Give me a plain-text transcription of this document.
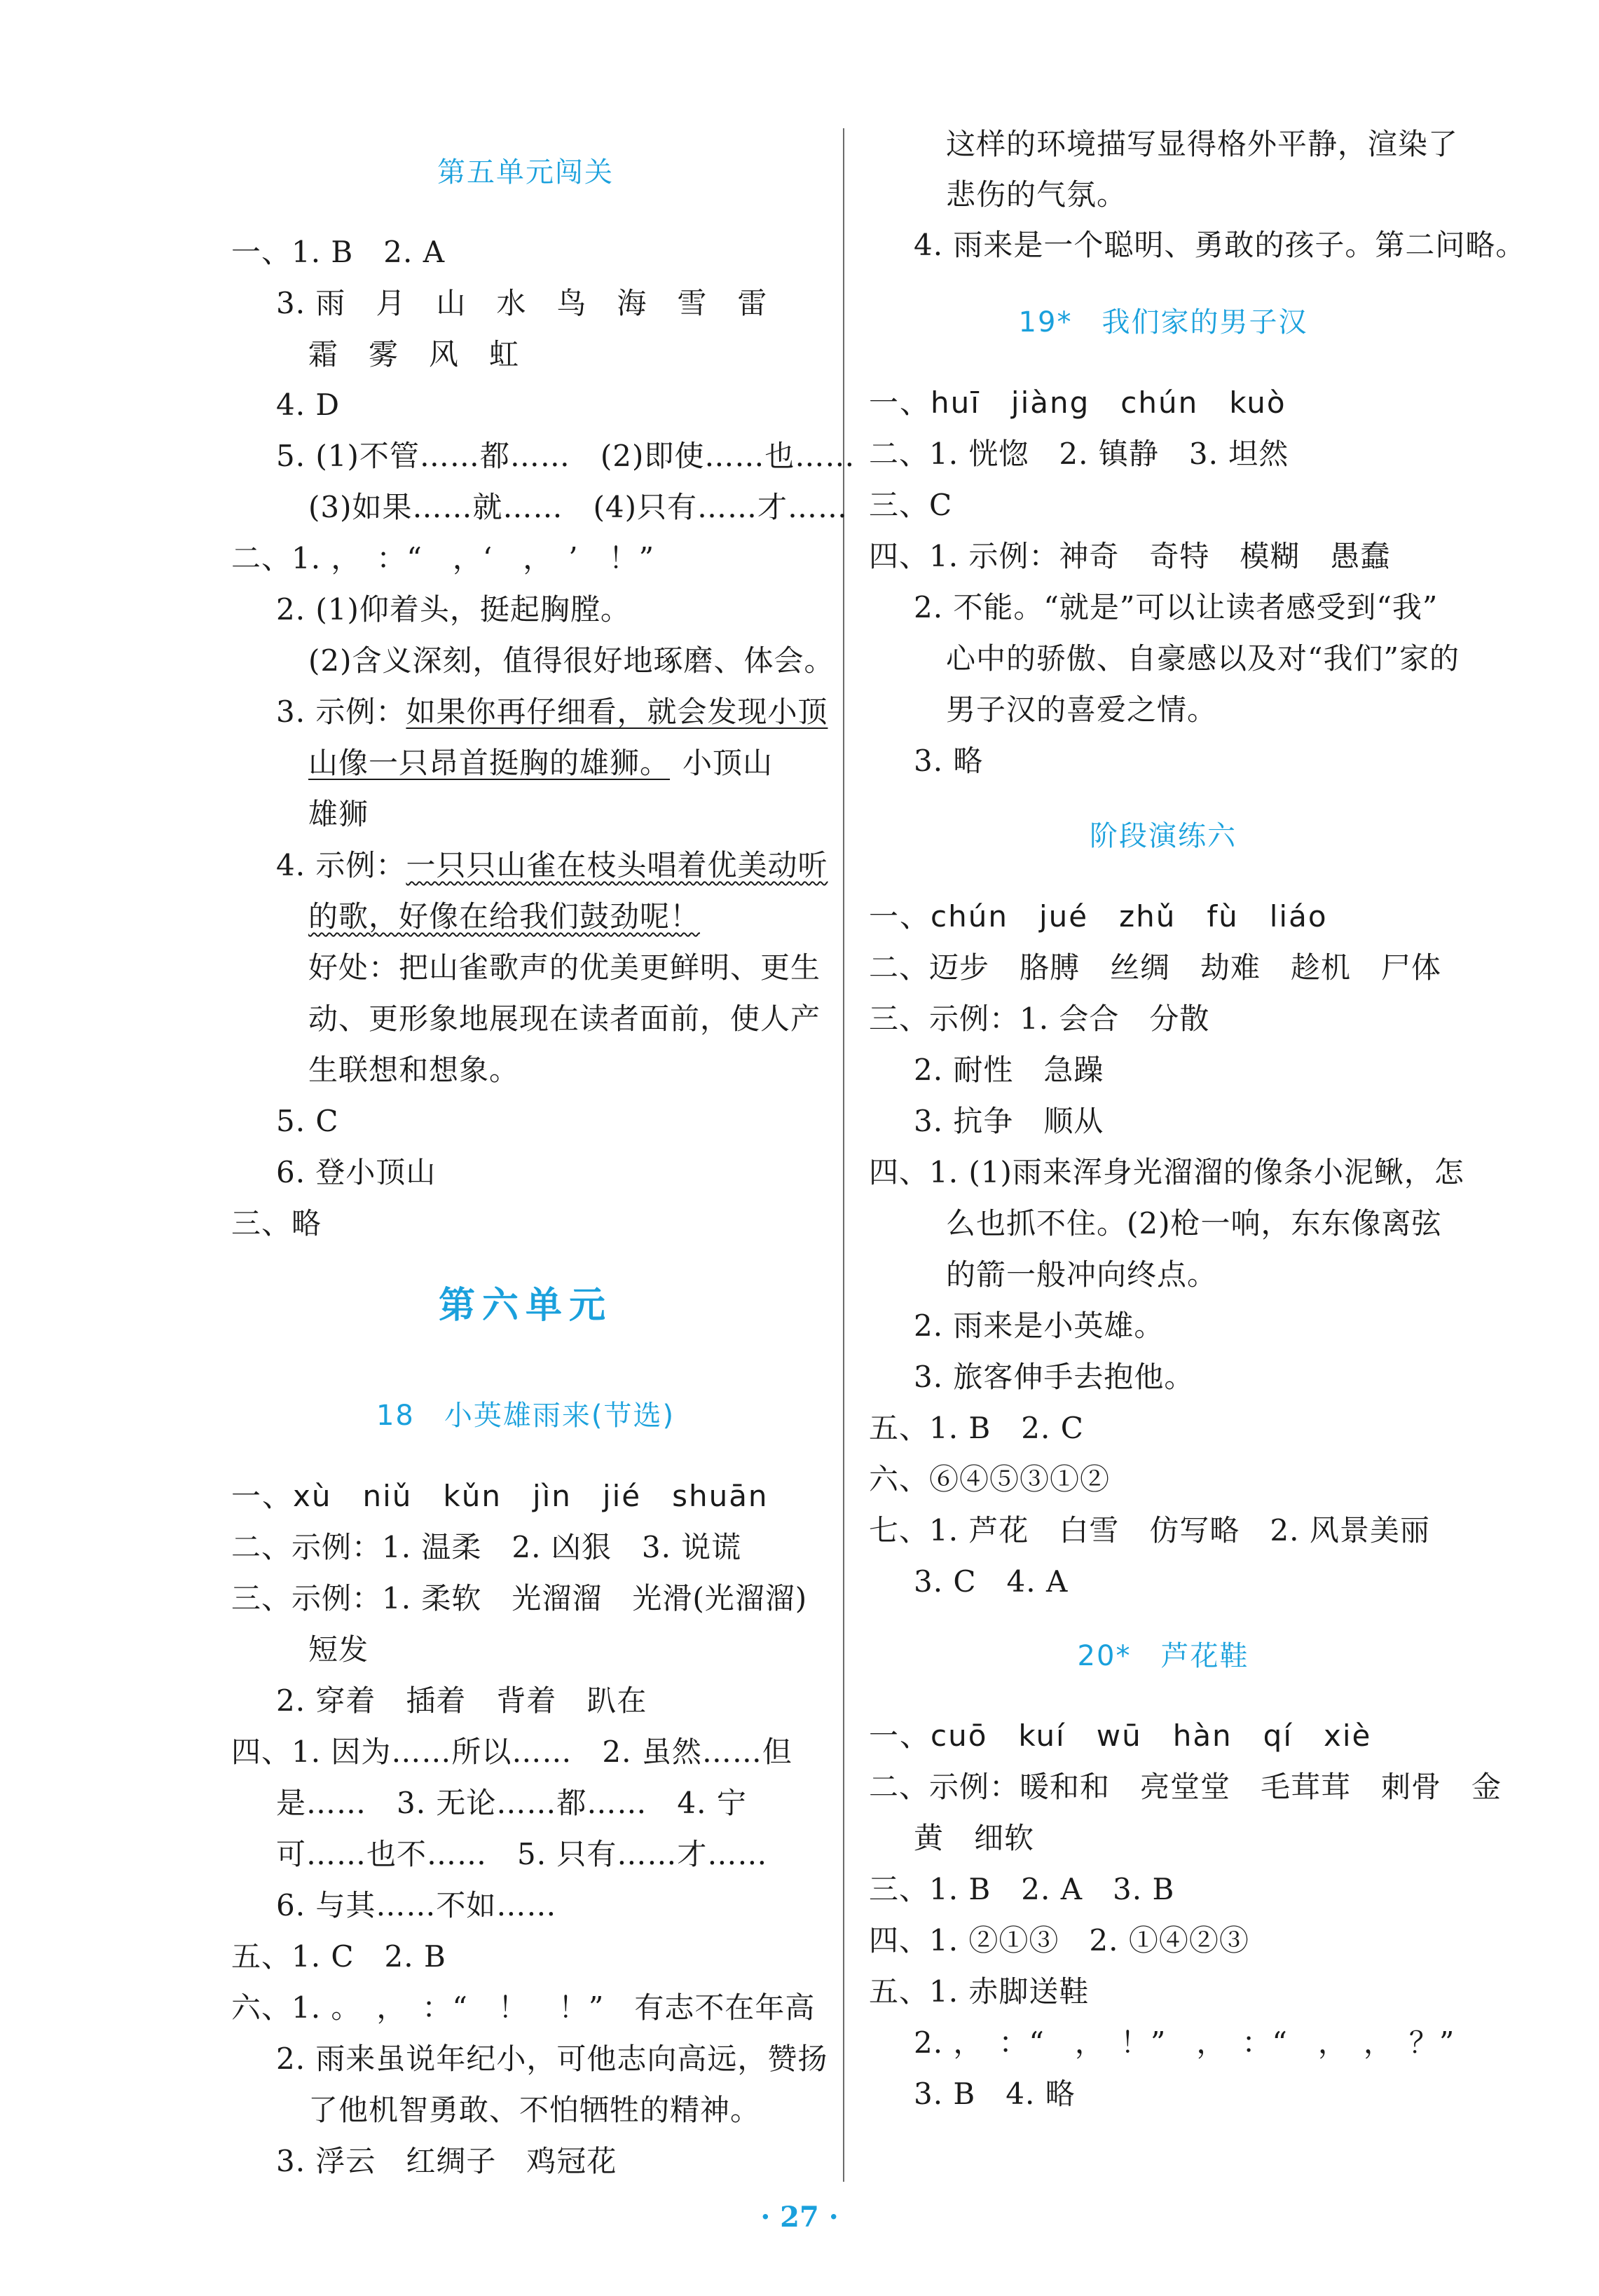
第五单元闯关
一、1. B　2. A
3. 雨　月　山　水　鸟　海　雪　雷
霜　雾　风　虹
4. D
5. (1)不管……都……　(2)即使……也……
(3)如果……就……　(4)只有……才……
二、1. ，　：“　，‘　，　’　！”
2. (1)仰着头，挺起胸膛。
(2)含义深刻，值得很好地琢磨、体会。
3. 示例：如果你再仔细看，就会发现小顶
山像一只昂首挺胸的雄狮。 小顶山
雄狮
4. 示例：一只只山雀在枝头唱着优美动听
的歌，好像在给我们鼓劲呢！
好处：把山雀歌声的优美更鲜明、更生
动、更形象地展现在读者面前，使人产
生联想和想象。
5. C
6. 登小顶山
三、略
第六单元
18　小英雄雨来(节选)
一、xù　niǔ　kǔn　jìn　jié　shuān
二、示例：1. 温柔　2. 凶狠　3. 说谎
三、示例：1. 柔软　光溜溜　光滑(光溜溜)
短发
2. 穿着　插着　背着　趴在
四、1. 因为……所以……　2. 虽然……但
是……　3. 无论……都……　4. 宁
可……也不……　5. 只有……才……
6. 与其……不如……
五、1. C　2. B
六、1. 。　，　：“　！　！”　有志不在年高
2. 雨来虽说年纪小，可他志向高远，赞扬
了他机智勇敢、不怕牺牲的精神。
3. 浮云　红绸子　鸡冠花
这样的环境描写显得格外平静，渲染了
悲伤的气氛。
4. 雨来是一个聪明、勇敢的孩子。第二问略。
19*　我们家的男子汉
一、huī　jiàng　chún　kuò
二、1. 恍惚　2. 镇静　3. 坦然
三、C
四、1. 示例：神奇　奇特　模糊　愚蠢
2. 不能。“就是”可以让读者感受到“我”
心中的骄傲、自豪感以及对“我们”家的
男子汉的喜爱之情。
3. 略
阶段演练六
一、chún　jué　zhǔ　fù　liáo
二、迈步　胳膊　丝绸　劫难　趁机　尸体
三、示例：1. 会合　分散
2. 耐性　急躁
3. 抗争　顺从
四、1. (1)雨来浑身光溜溜的像条小泥鳅，怎
么也抓不住。(2)枪一响，东东像离弦
的箭一般冲向终点。
2. 雨来是小英雄。
3. 旅客伸手去抱他。
五、1. B　2. C
六、⑥④⑤③①②
七、1. 芦花　白雪　仿写略　2. 风景美丽
3. C　4. A
20*　芦花鞋
一、cuō　kuí　wū　hàn　qí　xiè
二、示例：暖和和　亮堂堂　毛茸茸　刺骨　金
黄　细软
三、1. B　2. A　3. B
四、1. ②①③　2. ①④②③
五、1. 赤脚送鞋
2. ，　：“　，　！”　，　：“　，　，　？”
3. B　4. 略
· 27 ·
